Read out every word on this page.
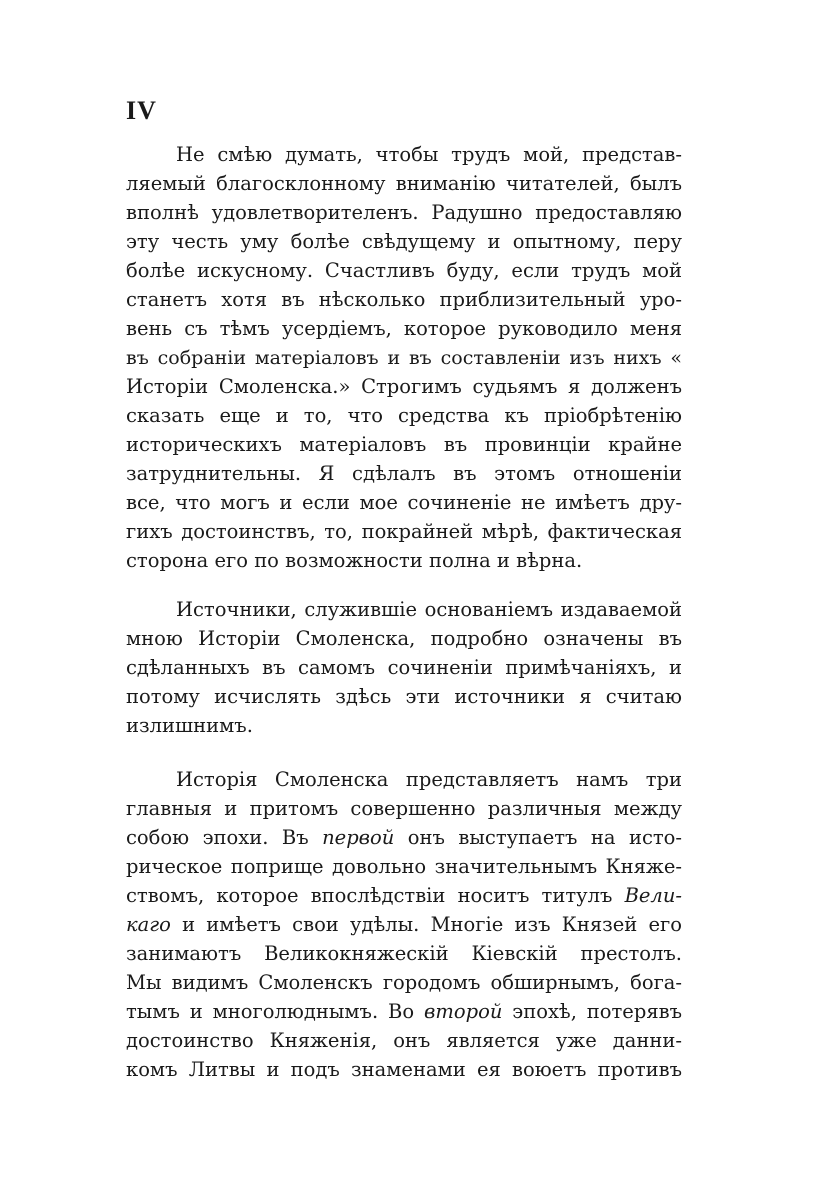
IV
Не смѣю думать, чтобы трудъ мой, представ-
ляемый благосклонному вниманію читателей, былъ
вполнѣ удовлетворителенъ. Радушно предоставляю
эту честь уму болѣе свѣдущему и опытному, перу
болѣе искусному. Счастливъ буду, если трудъ мой
станетъ хотя въ нѣсколько приблизительный уро-
вень съ тѣмъ усердіемъ, которое руководило меня
въ собраніи матеріаловъ и въ составленіи изъ нихъ «
Исторіи Смоленска.» Строгимъ судьямъ я долженъ
сказать еще и то, что средства къ пріобрѣтенію
историческихъ матеріаловъ въ провинціи крайне
затруднительны. Я сдѣлалъ въ этомъ отношеніи
все, что могъ и если мое сочиненіе не имѣетъ дру-
гихъ достоинствъ, то, покрайней мѣрѣ, фактическая
сторона его по возможности полна и вѣрна.
Источники, служившіе основаніемъ издаваемой
мною Исторіи Смоленска, подробно означены въ
сдѣланныхъ въ самомъ сочиненіи примѣчаніяхъ, и
потому исчислять здѣсь эти источники я считаю
излишнимъ.
Исторія Смоленска представляетъ намъ три
главныя и притомъ совершенно различныя между
собою эпохи. Въ первой онъ выступаетъ на исто-
рическое поприще довольно значительнымъ Княже-
ствомъ, которое впослѣдствіи носитъ титулъ Вели-
каго и имѣетъ свои удѣлы. Многіе изъ Князей его
занимаютъ Великокняжескій Кіевскій престолъ.
Мы видимъ Смоленскъ городомъ обширнымъ, бога-
тымъ и многолюднымъ. Во второй эпохѣ, потерявъ
достоинство Княженія, онъ является уже данни-
комъ Литвы и подъ знаменами ея воюетъ противъ
